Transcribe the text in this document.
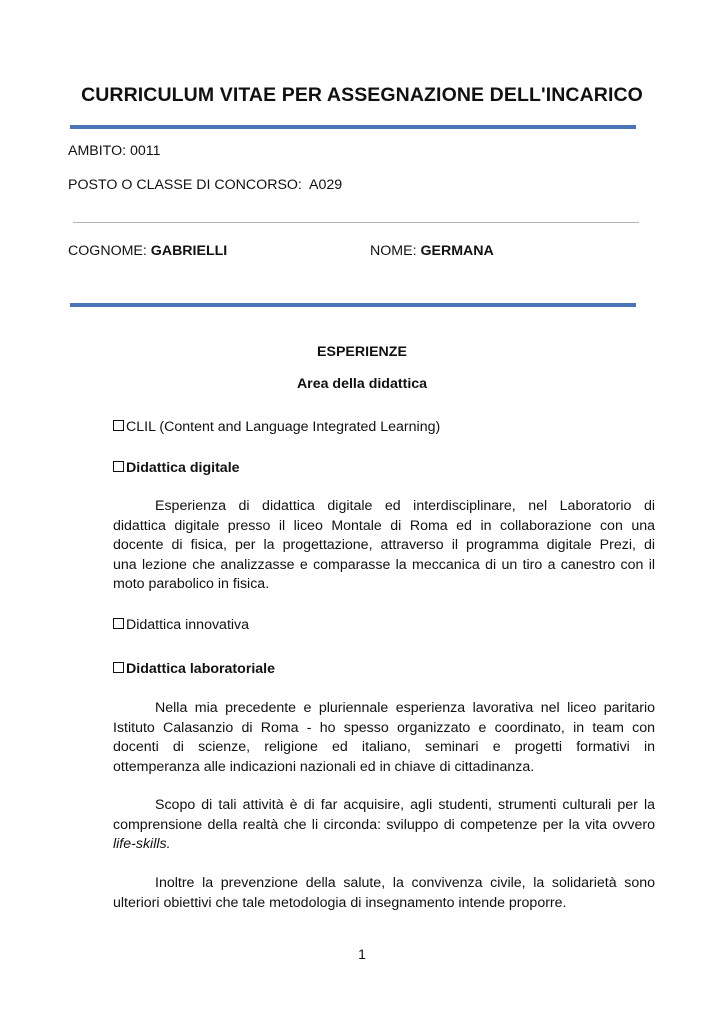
CURRICULUM VITAE PER ASSEGNAZIONE DELL'INCARICO
AMBITO: 0011
POSTO O CLASSE DI CONCORSO: A029
COGNOME: GABRIELLI	NOME: GERMANA
ESPERIENZE
Area della didattica
CLIL (Content and Language Integrated Learning)
Didattica digitale
Esperienza di didattica digitale ed interdisciplinare, nel Laboratorio di
didattica digitale presso il liceo Montale di Roma ed in collaborazione con una
docente di fisica, per la progettazione, attraverso il programma digitale Prezi, di
una lezione che analizzasse e comparasse la meccanica di un tiro a canestro con il
moto parabolico in fisica.
Didattica innovativa
Didattica laboratoriale
Nella mia precedente e pluriennale esperienza lavorativa nel liceo paritario
Istituto Calasanzio di Roma - ho spesso organizzato e coordinato, in team con
docenti di scienze, religione ed italiano, seminari e progetti formativi in
ottemperanza alle indicazioni nazionali ed in chiave di cittadinanza.
Scopo di tali attività è di far acquisire, agli studenti, strumenti culturali per la
comprensione della realtà che li circonda: sviluppo di competenze per la vita ovvero
life-skills.
Inoltre la prevenzione della salute, la convivenza civile, la solidarietà sono
ulteriori obiettivi che tale metodologia di insegnamento intende proporre.
1
